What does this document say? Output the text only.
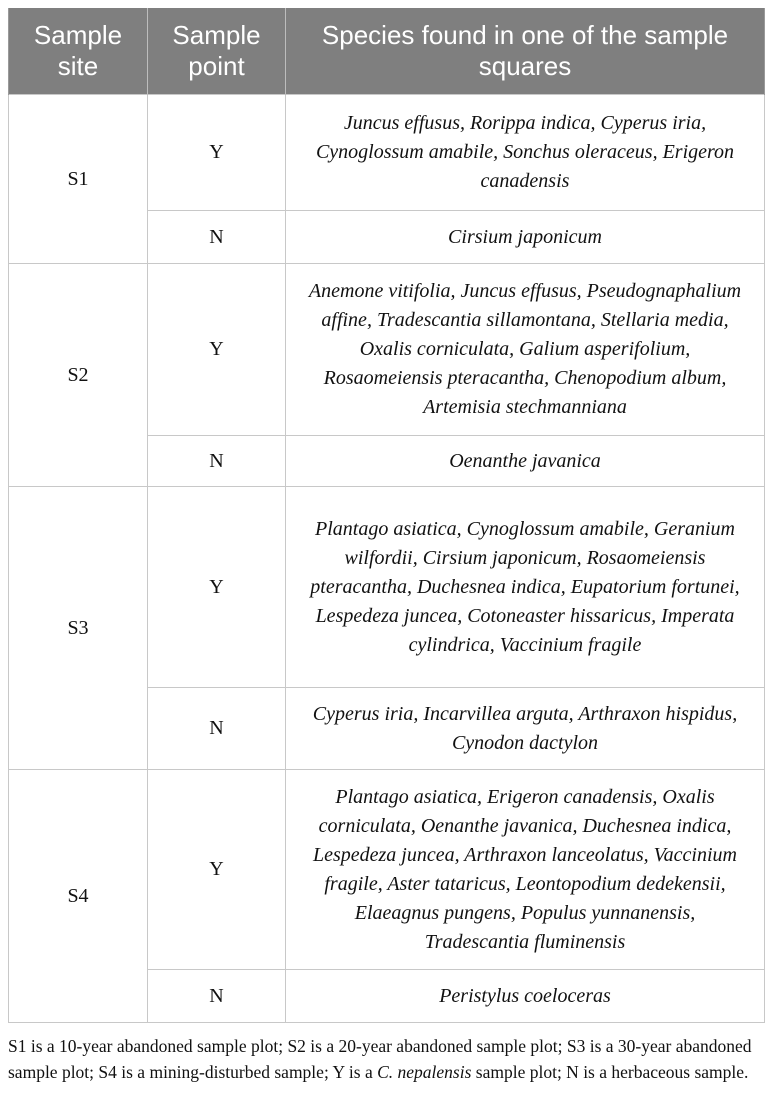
Sample site	Sample point	Species found in one of the sample squares
S1	Y	Juncus effusus, Rorippa indica, Cyperus iria, Cynoglossum amabile, Sonchus oleraceus, Erigeron canadensis
	N	Cirsium japonicum
S2	Y	Anemone vitifolia, Juncus effusus, Pseudognaphalium affine, Tradescantia sillamontana, Stellaria media, Oxalis corniculata, Galium asperifolium, Rosaomeiensis pteracantha, Chenopodium album, Artemisia stechmanniana
	N	Oenanthe javanica
S3	Y	Plantago asiatica, Cynoglossum amabile, Geranium wilfordii, Cirsium japonicum, Rosaomeiensis pteracantha, Duchesnea indica, Eupatorium fortunei, Lespedeza juncea, Cotoneaster hissaricus, Imperata cylindrica, Vaccinium fragile
	N	Cyperus iria, Incarvillea arguta, Arthraxon hispidus, Cynodon dactylon
S4	Y	Plantago asiatica, Erigeron canadensis, Oxalis corniculata, Oenanthe javanica, Duchesnea indica, Lespedeza juncea, Arthraxon lanceolatus, Vaccinium fragile, Aster tataricus, Leontopodium dedekensii, Elaeagnus pungens, Populus yunnanensis, Tradescantia fluminensis
	N	Peristylus coeloceras
S1 is a 10-year abandoned sample plot; S2 is a 20-year abandoned sample plot; S3 is a 30-year abandoned sample plot; S4 is a mining-disturbed sample; Y is a C. nepalensis sample plot; N is a herbaceous sample.
